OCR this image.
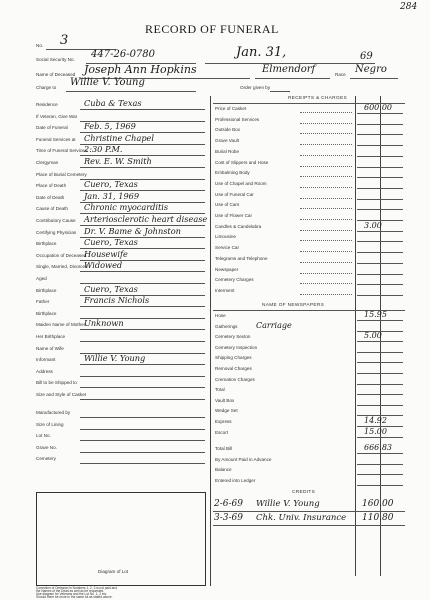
284
RECORD OF FUNERAL
No. 3
Social Security No. 447-26-0780	Jan. 31,	69
Name of Deceased Joseph Ann Hopkins	Elmendorf	Race Negro
Charge to Willie V. Young	Order given by
RECEIPTS & CHARGES
NAME OF NEWSPAPERS
CREDITS
Diagram of Lot
Residence	Cuba & Texas
If Veteran, Give War
Date of Funeral Feb. 5, 1969
Funeral Services at Christine Chapel
Time of Funeral Services
2:30 P.M.
Clergyman	Rev. E. W. Smith
Place of Burial Cemetery
Place of Death Cuero, Texas
Date of Death Jan. 31, 1969
Cause of Death Chronic myocarditis
Contributory Cause Arteriosclerotic heart disease
Certifying Physician Dr. V. Bame & Johnston
Birthplace	Cuero, Texas
Occupation of Deceased
Housewife
Single, Married, Divorced
Widowed
Aged
Birthplace	Cuero, Texas
Father	Francis Nichols
Birthplace
Maiden Name of Mother
Unknown
Her Birthplace
Name of Wife
Informant	Willie V. Young
Address
Bill to be Shipped to
Size and Style of Casket
Manufactured by
Size of Lining
Lot No.
Grave No.
Cemetery
Price of Casket	600.00
Professional Services
Outside Box
Grave Vault
Burial Robe
Cost of Slippers and Hose
Embalming Body
Use of Chapel and Room
Use of Funeral Car
Use of Cars
Use of Flower Car
Candles & Candelabra	3.00
Limousine
Service Car
Telegrams and Telephone
Newspaper
Cemetery Charges
Interment
Hose	15.95
Gatherings Carriage
Cemetery Sexton	5.00
Cemetery Inspection
Shipping Charges
Removal Charges
Cremation Charges
Total
Vault Box
Wedge Set
Express	14.92
Escort	15.00
Total Bill	666.83
By Amount Paid in Advance
Balance
Entered into Ledger
2-6-69 Willie V. Young	160.00
3-3-69 Chk. Univ. Insurance 110.80
Correction of Omission in Numbers 1, 2, 3 is not paid and
the Names of the Dead as well as be requested.
Use diagram for Veterans and the Lot No. 1, 2 etc.
Should there be more in the same lot as stated above.
